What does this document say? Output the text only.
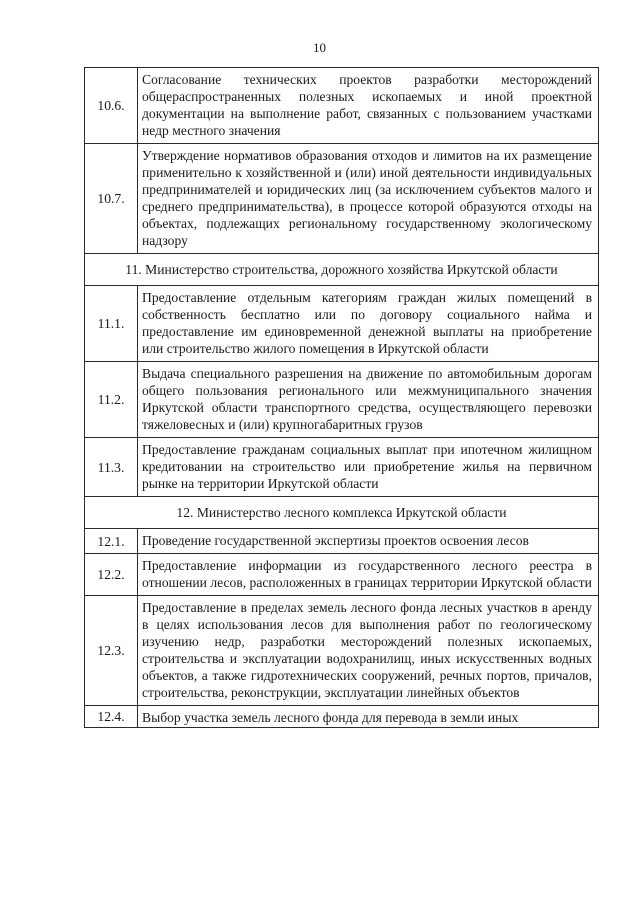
10
10.6.	Согласование технических проектов разработки месторождений общераспространенных полезных ископаемых и иной проектной документации на выполнение работ, связанных с пользованием участками недр местного значения
10.7.	Утверждение нормативов образования отходов и лимитов на их размещение применительно к хозяйственной и (или) иной деятельности индивидуальных предпринимателей и юридических лиц (за исключением субъектов малого и среднего предпринимательства), в процессе которой образуются отходы на объектах, подлежащих региональному государственному экологическому надзору
11. Министерство строительства, дорожного хозяйства Иркутской области	
11.1.	Предоставление отдельным категориям граждан жилых помещений в собственность бесплатно или по договору социального найма и предоставление им единовременной денежной выплаты на приобретение или строительство жилого помещения в Иркутской области
11.2.	Выдача специального разрешения на движение по автомобильным дорогам общего пользования регионального или межмуниципального значения Иркутской области транспортного средства, осуществляющего перевозки тяжеловесных и (или) крупногабаритных грузов
11.3.	Предоставление гражданам социальных выплат при ипотечном жилищном кредитовании на строительство или приобретение жилья на первичном рынке на территории Иркутской области
12. Министерство лесного комплекса Иркутской области	
12.1.	Проведение государственной экспертизы проектов освоения лесов
12.2.	Предоставление информации из государственного лесного реестра в отношении лесов, расположенных в границах территории Иркутской области
12.3.	Предоставление в пределах земель лесного фонда лесных участков в аренду в целях использования лесов для выполнения работ по геологическому изучению недр, разработки месторождений полезных ископаемых, строительства и эксплуатации водохранилищ, иных искусственных водных объектов, а также гидротехнических сооружений, речных портов, причалов, строительства, реконструкции, эксплуатации линейных объектов
12.4.	Выбор участка земель лесного фонда для перевода в земли иных
